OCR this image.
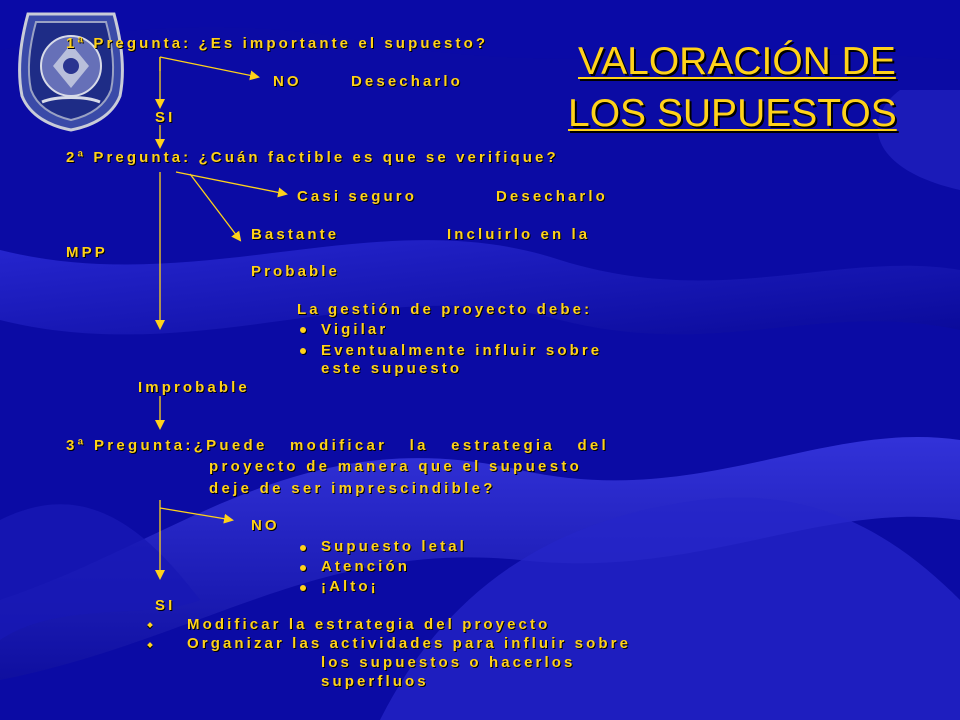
VALORACIÓN DE
LOS SUPUESTOS
1ª Pregunta: ¿Es importante el supuesto?
NO	Desecharlo
SI
2ª Pregunta: ¿Cuán factible es que se verifique?
Casi seguro	Desecharlo
Bastante	Incluirlo en la
MPP
Probable
La gestión de proyecto debe:
Vigilar
Eventualmente influir sobre
este supuesto
Improbable
3ª Pregunta:¿Puede   modificar   la   estrategia   del
proyecto de manera que el supuesto
deje de ser imprescindible?
NO
Supuesto letal
Atención
¡Alto¡
SI
Modificar la estrategia del proyecto
Organizar las actividades para influir sobre
los supuestos o hacerlos
superfluos
